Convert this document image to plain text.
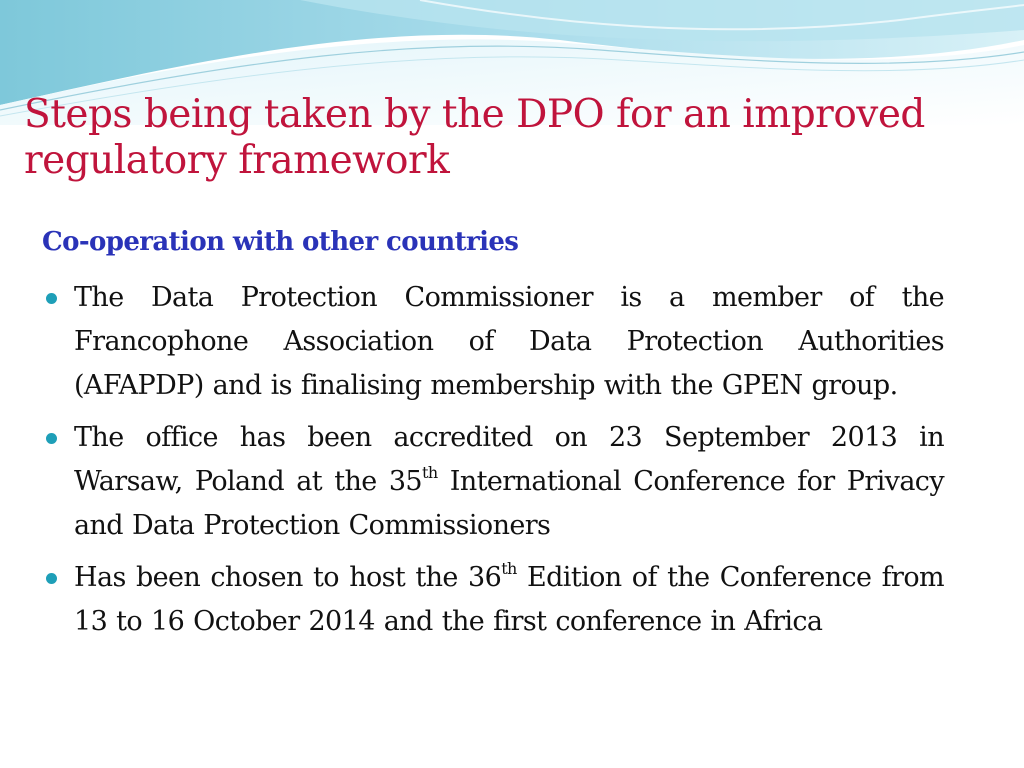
Steps being taken by the DPO for an improved regulatory framework
Co-operation with other countries
The Data Protection Commissioner is a member of the Francophone Association of Data Protection Authorities (AFAPDP) and is finalising membership with the GPEN group.
The office has been accredited on 23 September 2013 in Warsaw, Poland at the 35th International Conference for Privacy and Data Protection Commissioners
Has been chosen to host the 36th Edition of the Conference from 13 to 16 October 2014 and the first conference in Africa
